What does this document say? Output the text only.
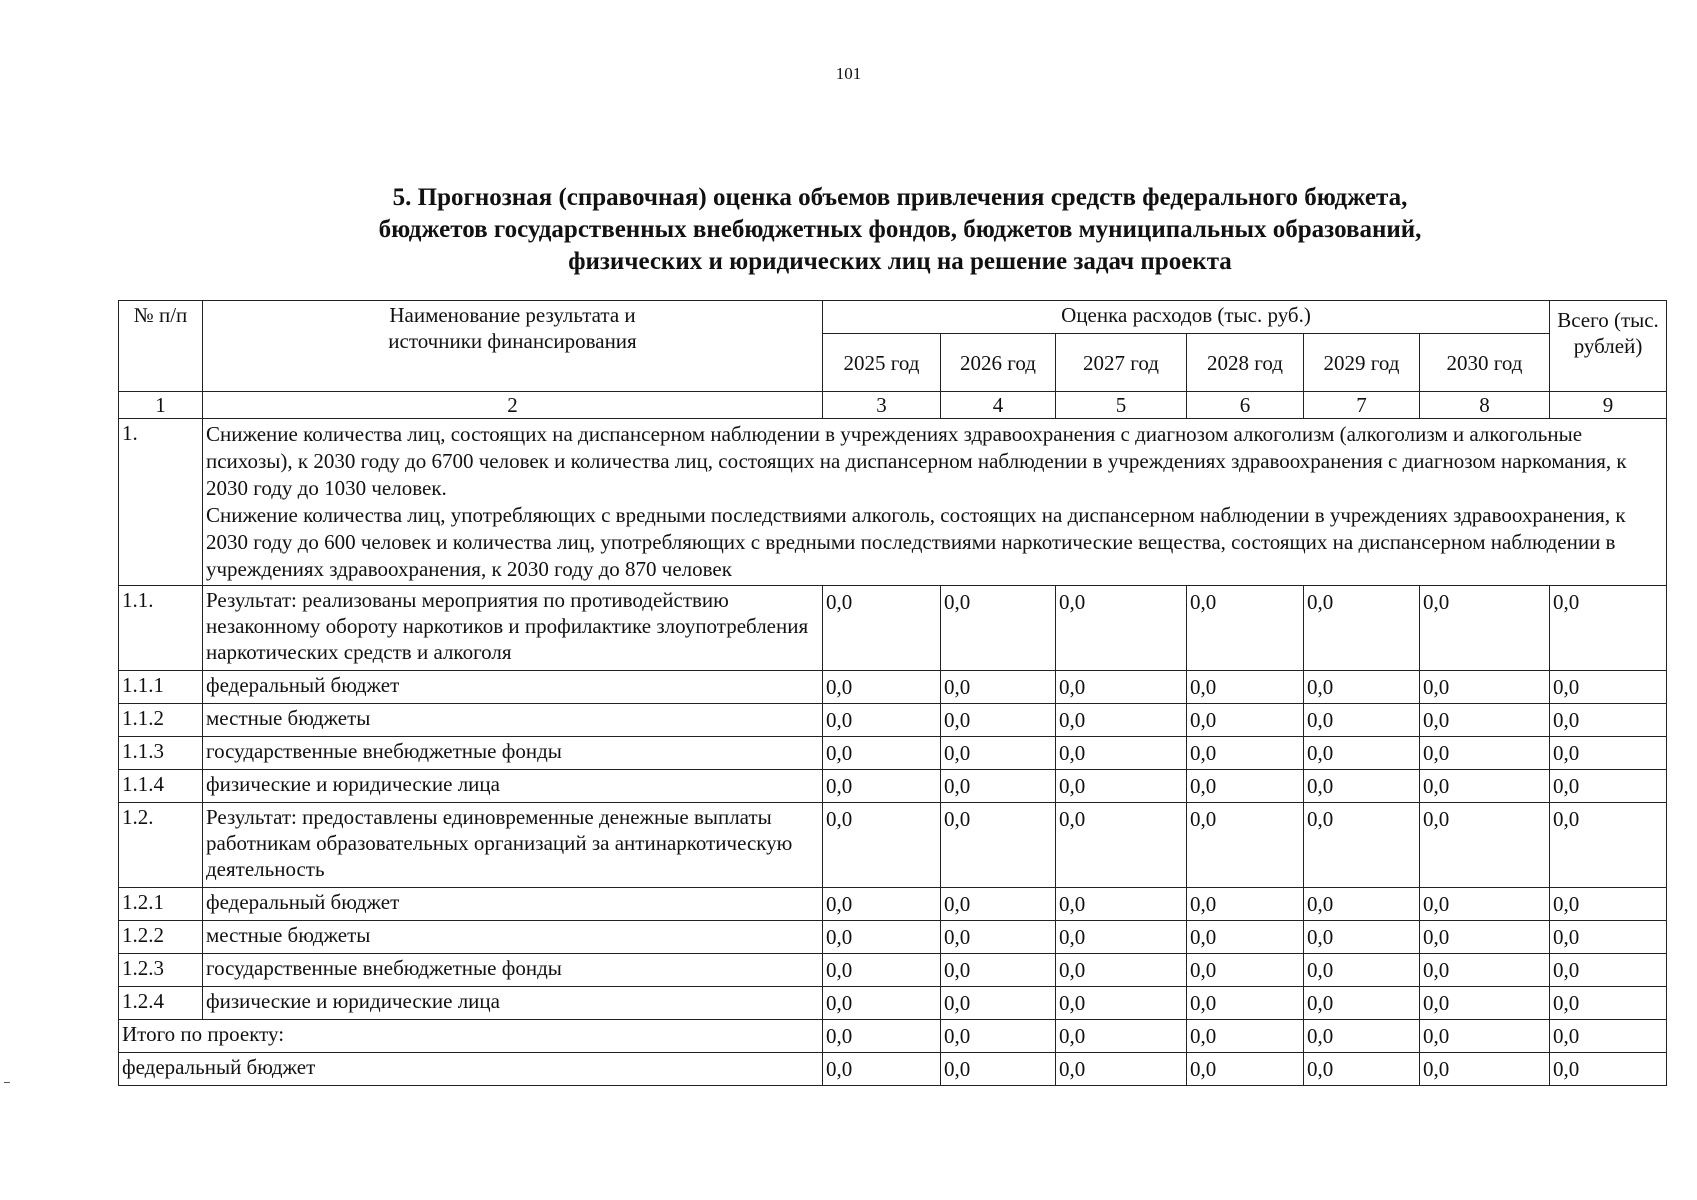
101
5. Прогнозная (справочная) оценка объемов привлечения средств федерального бюджета,
бюджетов государственных внебюджетных фондов, бюджетов муниципальных образований,
физических и юридических лиц на решение задач проекта
№ п/п	Наименование результата и источники финансирования	Оценка расходов (тыс. руб.)						Всего (тыс. рублей)
		2025 год	2026 год	2027 год	2028 год	2029 год	2030 год	
1	2	3	4	5	6	7	8	9
1.	Снижение количества лиц, состоящих на диспансерном наблюдении в учреждениях здравоохранения с диагнозом алкоголизм (алкоголизм и алкогольные психозы), к 2030 году до 6700 человек и количества лиц, состоящих на диспансерном наблюдении в учреждениях здравоохранения с диагнозом наркомания, к 2030 году до 1030 человек.
Снижение количества лиц, употребляющих с вредными последствиями алкоголь, состоящих на диспансерном наблюдении в учреждениях здравоохранения, к 2030 году до 600 человек и количества лиц, употребляющих с вредными последствиями наркотические вещества, состоящих на диспансерном наблюдении в учреждениях здравоохранения, к 2030 году до 870 человек							

1.1.	Результат: реализованы мероприятия по противодействию незаконному обороту наркотиков и профилактике злоупотребления наркотических средств и алкоголя	0,0	0,0	0,0	0,0	0,0	0,0	0,0
1.1.1	федеральный бюджет	0,0	0,0	0,0	0,0	0,0	0,0	0,0
1.1.2	местные бюджеты	0,0	0,0	0,0	0,0	0,0	0,0	0,0
1.1.3	государственные внебюджетные фонды	0,0	0,0	0,0	0,0	0,0	0,0	0,0
1.1.4	физические и юридические лица	0,0	0,0	0,0	0,0	0,0	0,0	0,0
1.2.	Результат: предоставлены единовременные денежные выплаты работникам образовательных организаций за антинаркотическую деятельность	0,0	0,0	0,0	0,0	0,0	0,0	0,0
1.2.1	федеральный бюджет	0,0	0,0	0,0	0,0	0,0	0,0	0,0
1.2.2	местные бюджеты	0,0	0,0	0,0	0,0	0,0	0,0	0,0
1.2.3	государственные внебюджетные фонды	0,0	0,0	0,0	0,0	0,0	0,0	0,0
1.2.4	физические и юридические лица	0,0	0,0	0,0	0,0	0,0	0,0	0,0
Итого по проекту:		0,0	0,0	0,0	0,0	0,0	0,0	0,0
федеральный бюджет		0,0	0,0	0,0	0,0	0,0	0,0	0,0
